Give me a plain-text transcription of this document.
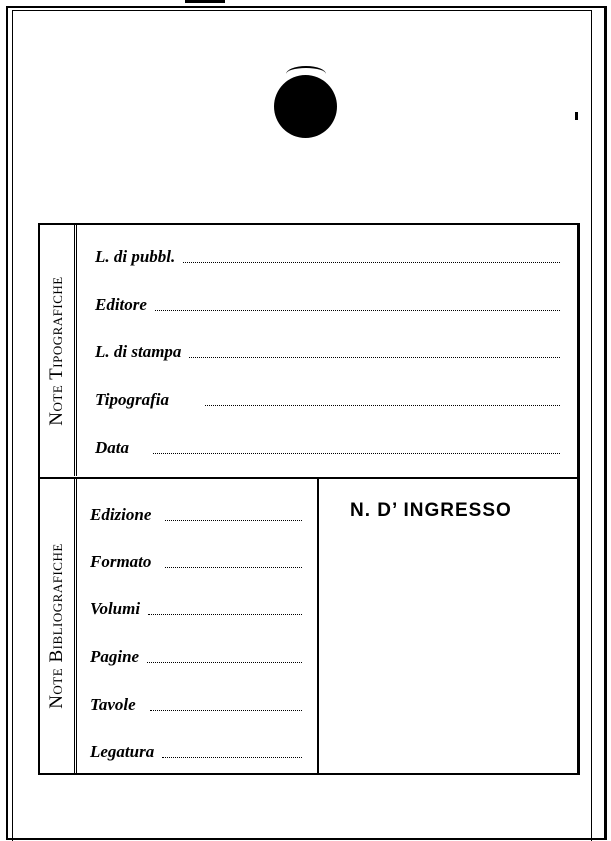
Note Tipografiche
L. di pubbl.
Editore
L. di stampa
Tipografia
Data
Note Bibliografiche
Edizione
Formato
Volumi
Pagine
Tavole
Legatura
N. D’ INGRESSO
